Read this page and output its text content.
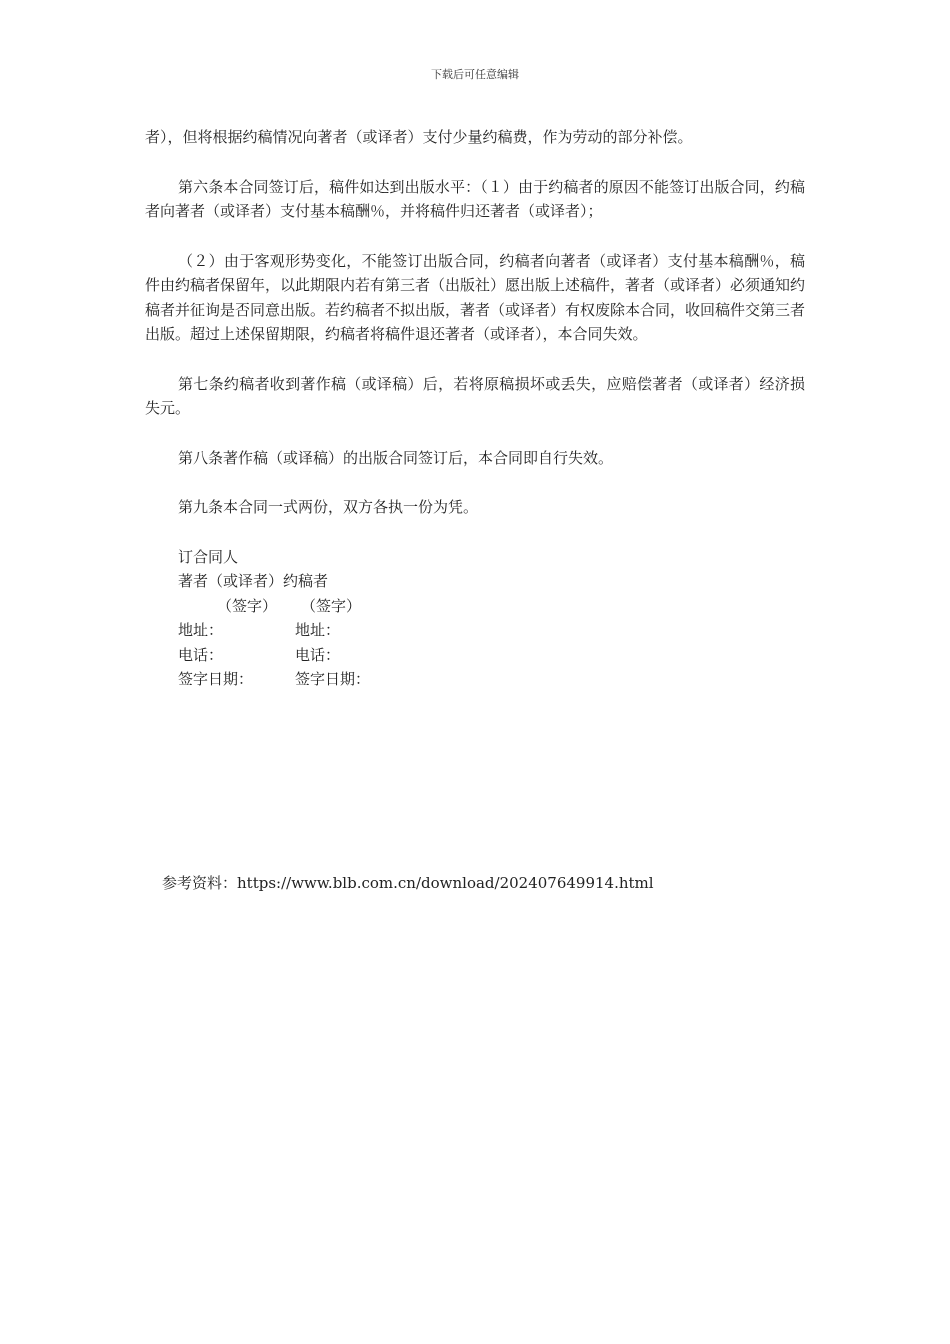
下载后可任意编辑

者），但将根据约稿情况向著者（或译者）支付少量约稿费，作为劳动的部分补偿。

第六条本合同签订后，稿件如达到出版水平：（１）由于约稿者的原因不能签订出版合同，约稿者向著者（或译者）支付基本稿酬％，并将稿件归还著者（或译者）；

（２）由于客观形势变化，不能签订出版合同，约稿者向著者（或译者）支付基本稿酬％，稿件由约稿者保留年，以此期限内若有第三者（出版社）愿出版上述稿件，著者（或译者）必须通知约稿者并征询是否同意出版。若约稿者不拟出版，著者（或译者）有权废除本合同，收回稿件交第三者出版。超过上述保留期限，约稿者将稿件退还著者（或译者），本合同失效。

第七条约稿者收到著作稿（或译稿）后，若将原稿损坏或丢失，应赔偿著者（或译者）经济损失元。

第八条著作稿（或译稿）的出版合同签订后，本合同即自行失效。

第九条本合同一式两份，双方各执一份为凭。

订合同人
著者（或译者） 约稿者
（签字）	（签字）
地址：	地址：
电话：	电话：
签字日期：	签字日期：
参考资料：https://www.blb.com.cn/download/202407649914.html
